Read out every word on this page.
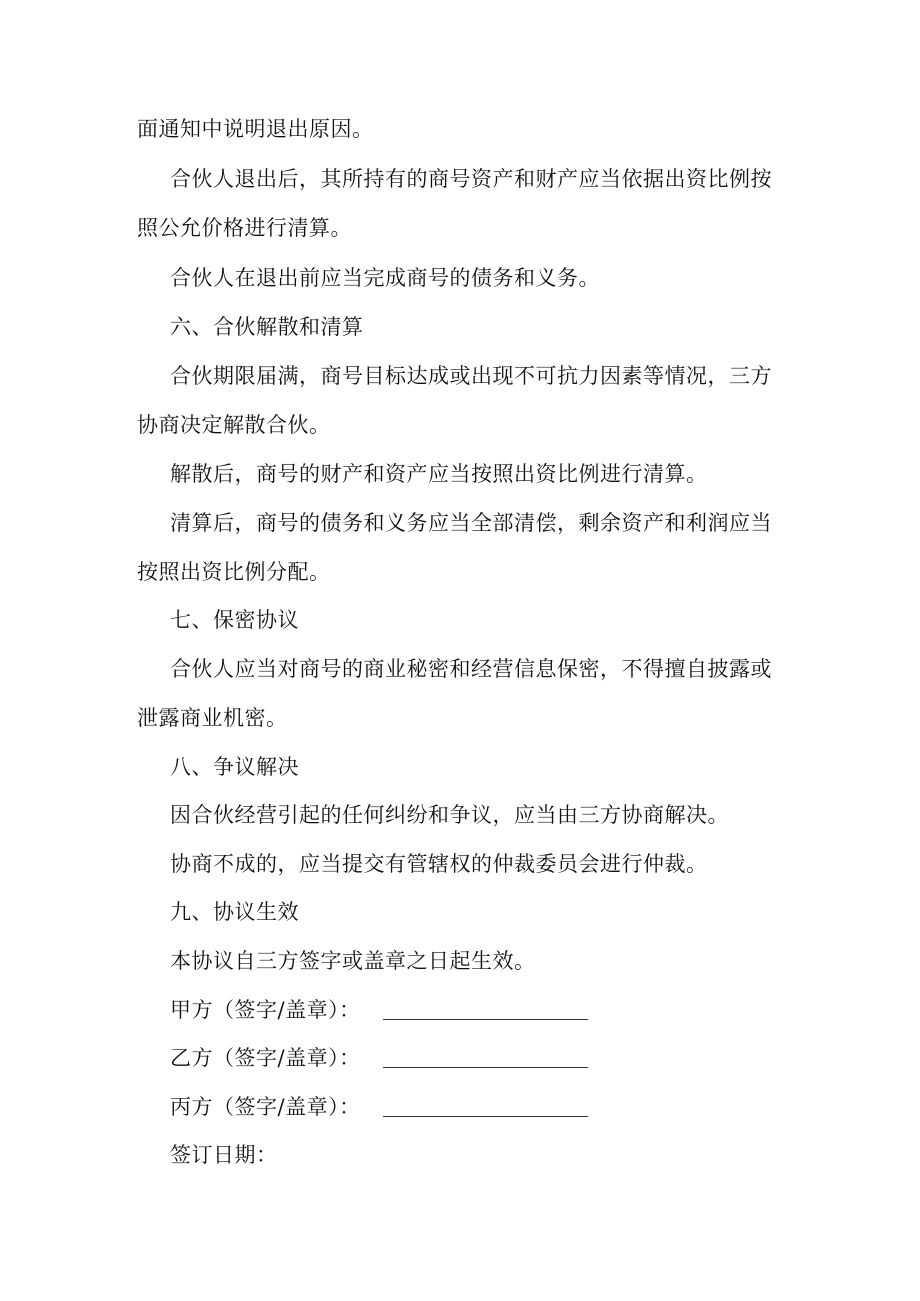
面通知中说明退出原因。
合伙人退出后，其所持有的商号资产和财产应当依据出资比例按
照公允价格进行清算。
合伙人在退出前应当完成商号的债务和义务。
六、合伙解散和清算
合伙期限届满，商号目标达成或出现不可抗力因素等情况，三方
协商决定解散合伙。
解散后，商号的财产和资产应当按照出资比例进行清算。
清算后，商号的债务和义务应当全部清偿，剩余资产和利润应当
按照出资比例分配。
七、保密协议
合伙人应当对商号的商业秘密和经营信息保密，不得擅自披露或
泄露商业机密。
八、争议解决
因合伙经营引起的任何纠纷和争议，应当由三方协商解决。
协商不成的，应当提交有管辖权的仲裁委员会进行仲裁。
九、协议生效
本协议自三方签字或盖章之日起生效。
甲方（签字/盖章）：
乙方（签字/盖章）：
丙方（签字/盖章）：
签订日期：
